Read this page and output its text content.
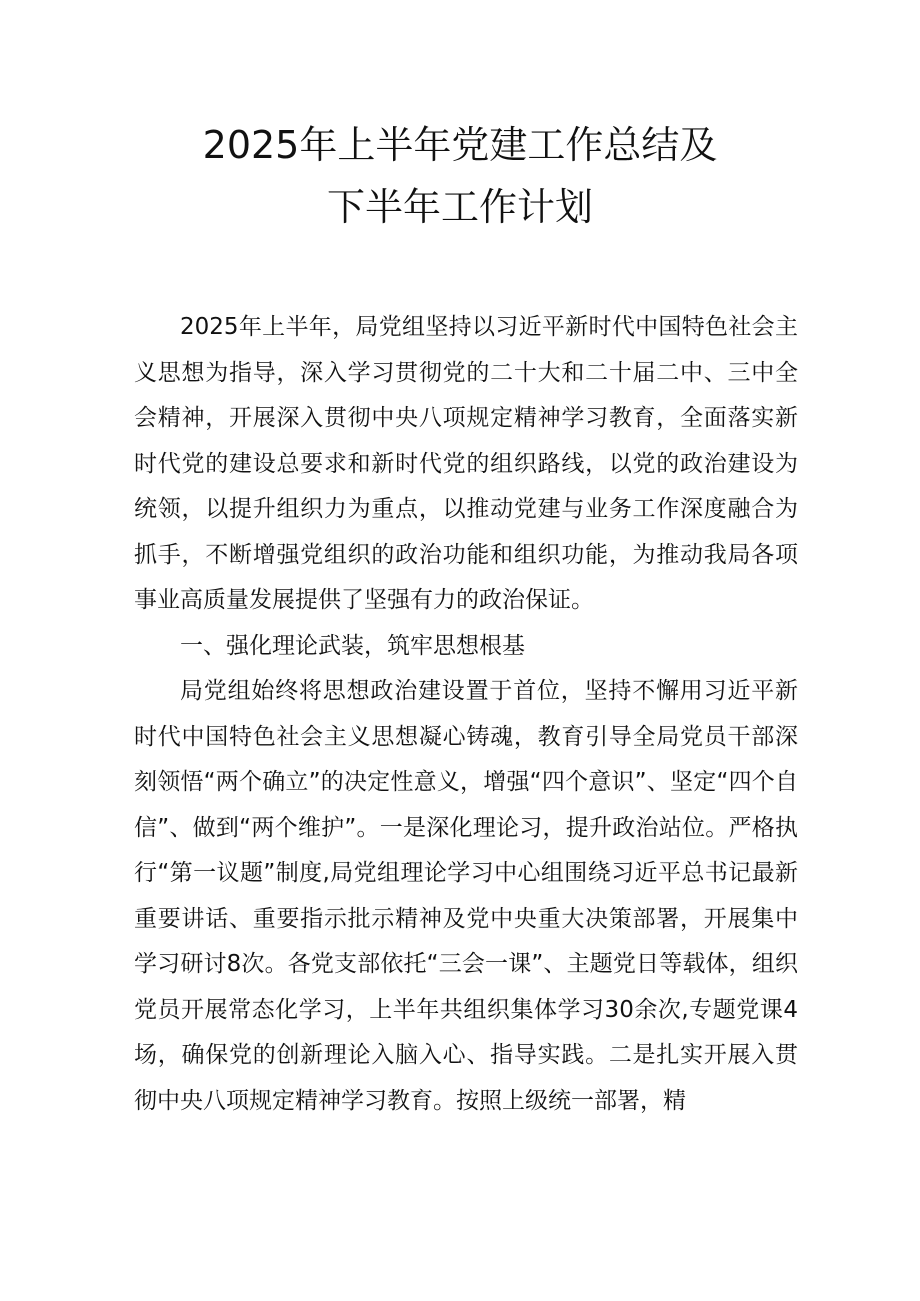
2025年上半年党建工作总结及
下半年工作计划

2025年上半年，局党组坚持以习近平新时代中国特色社会主义思想为指导，深入学习贯彻党的二十大和二十届二中、三中全会精神，开展深入贯彻中央八项规定精神学习教育，全面落实新时代党的建设总要求和新时代党的组织路线，以党的政治建设为统领，以提升组织力为重点，以推动党建与业务工作深度融合为抓手，不断增强党组织的政治功能和组织功能，为推动我局各项事业高质量发展提供了坚强有力的政治保证。

一、强化理论武装，筑牢思想根基

局党组始终将思想政治建设置于首位，坚持不懈用习近平新时代中国特色社会主义思想凝心铸魂，教育引导全局党员干部深刻领悟“两个确立”的决定性意义，增强“四个意识”、坚定“四个自信”、做到“两个维护”。一是深化理论习，提升政治站位。严格执行“第一议题”制度,局党组理论学习中心组围绕习近平总书记最新重要讲话、重要指示批示精神及党中央重大决策部署，开展集中学习研讨8次。各党支部依托“三会一课”、主题党日等载体，组织党员开展常态化学习，上半年共组织集体学习30余次,专题党课4场，确保党的创新理论入脑入心、指导实践。二是扎实开展入贯彻中央八项规定精神学习教育。按照上级统一部署，精
